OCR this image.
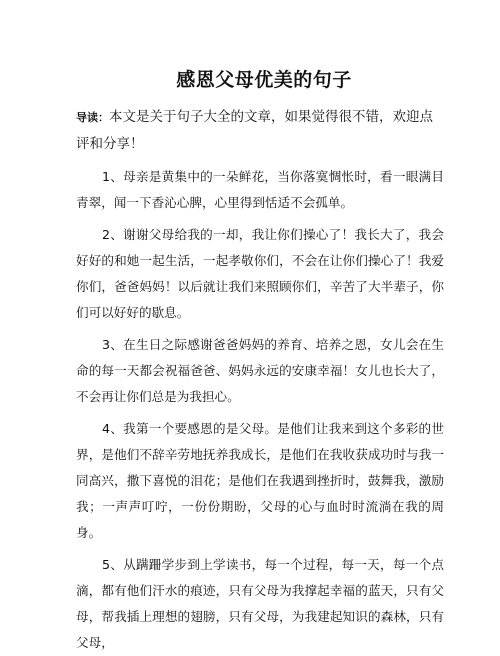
感恩父母优美的句子
导读：本文是关于句子大全的文章，如果觉得很不错，欢迎点评和分享！
1、母亲是黄集中的一朵鲜花，当你落寞惆怅时，看一眼满目青翠，闻一下香沁心脾，心里得到恬适不会孤单。
2、谢谢父母给我的一却，我让你们操心了！我长大了，我会好好的和她一起生活，一起孝敬你们，不会在让你们操心了！我爱你们，爸爸妈妈！以后就让我们来照顾你们，辛苦了大半辈子，你们可以好好的歇息。
3、在生日之际感谢爸爸妈妈的养育、培养之恩，女儿会在生命的每一天都会祝福爸爸、妈妈永远的安康幸福！女儿也长大了，不会再让你们总是为我担心。
4、我第一个要感恩的是父母。是他们让我来到这个多彩的世界，是他们不辞辛劳地抚养我成长，是他们在我收获成功时与我一同高兴，撒下喜悦的泪花；是他们在我遇到挫折时，鼓舞我，激励我；一声声叮咛，一份份期盼，父母的心与血时时流淌在我的周身。
5、从蹒跚学步到上学读书，每一个过程，每一天，每一个点滴，都有他们汗水的痕迹，只有父母为我撑起幸福的蓝天，只有父母，帮我插上理想的翅膀，只有父母，为我建起知识的森林，只有父母，
